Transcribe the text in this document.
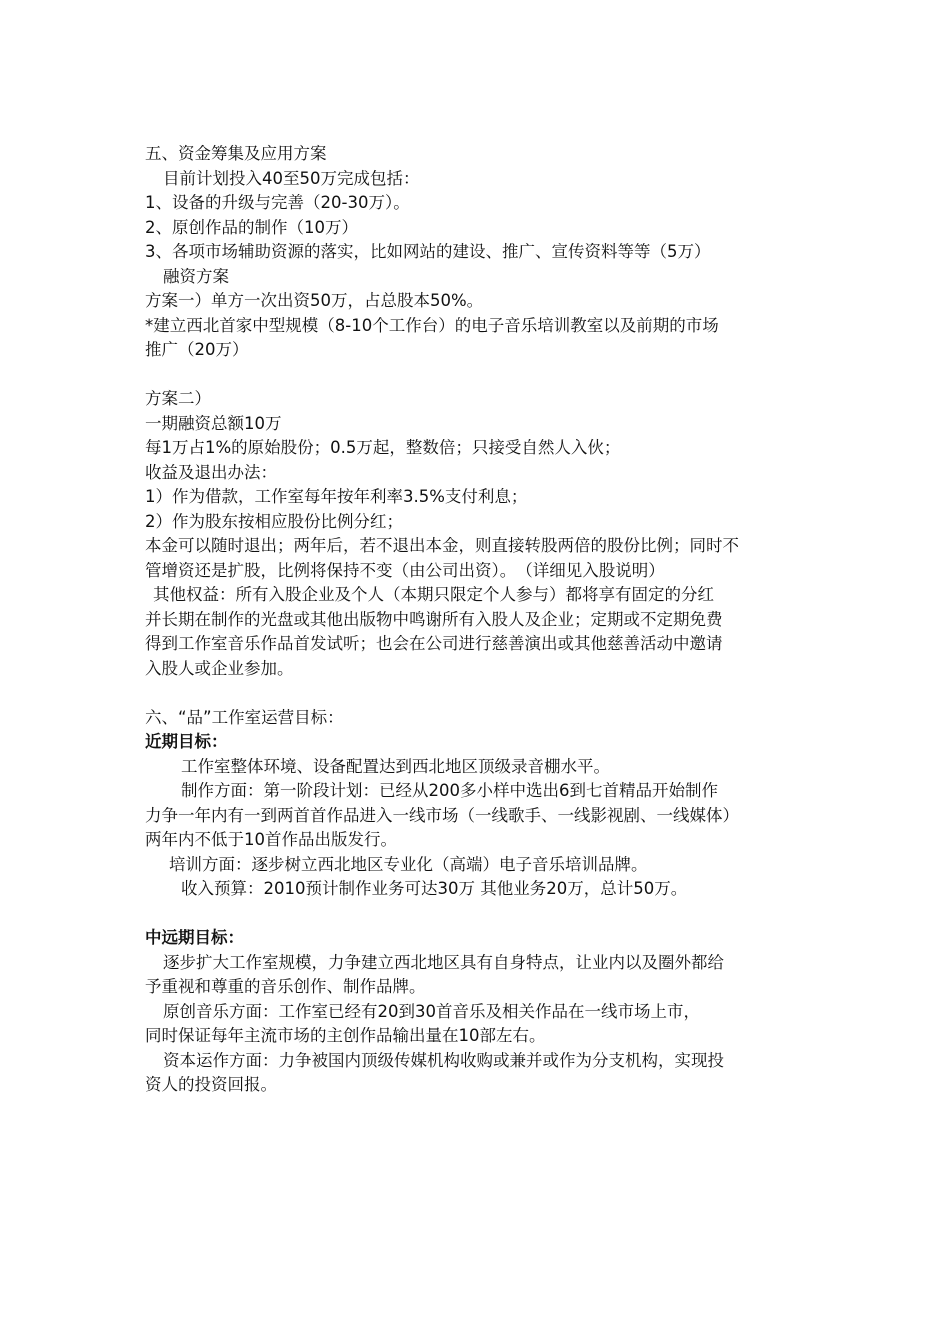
五、资金筹集及应用方案
目前计划投入40至50万完成包括：
1、设备的升级与完善（20-30万）。
2、原创作品的制作（10万）
3、各项市场辅助资源的落实，比如网站的建设、推广、宣传资料等等（5万）
融资方案
方案一）单方一次出资50万，占总股本50%。
*建立西北首家中型规模（8-10个工作台）的电子音乐培训教室以及前期的市场
推广（20万）
方案二）
一期融资总额10万
每1万占1%的原始股份；0.5万起，整数倍；只接受自然人入伙；
收益及退出办法：
1）作为借款，工作室每年按年利率3.5%支付利息；
2）作为股东按相应股份比例分红；
本金可以随时退出；两年后，若不退出本金，则直接转股两倍的股份比例；同时不
管增资还是扩股，比例将保持不变（由公司出资）。　（详细见入股说明）
其他权益：所有入股企业及个人（本期只限定个人参与）都将享有固定的分红
并长期在制作的光盘或其他出版物中鸣谢所有入股人及企业；定期或不定期免费
得到工作室音乐作品首发试听；也会在公司进行慈善演出或其他慈善活动中邀请
入股人或企业参加。
六、“品”工作室运营目标：
近期目标：
工作室整体环境、设备配置达到西北地区顶级录音棚水平。
制作方面：第一阶段计划：已经从200多小样中选出6到七首精品开始制作
力争一年内有一到两首首作品进入一线市场（一线歌手、一线影视剧、一线媒体）
两年内不低于10首作品出版发行。
培训方面：逐步树立西北地区专业化（高端）电子音乐培训品牌。
收入预算：2010预计制作业务可达30万 其他业务20万，总计50万。
中远期目标：
逐步扩大工作室规模，力争建立西北地区具有自身特点，让业内以及圈外都给
予重视和尊重的音乐创作、制作品牌。
原创音乐方面：工作室已经有20到30首音乐及相关作品在一线市场上市，
同时保证每年主流市场的主创作品输出量在10部左右。
资本运作方面：力争被国内顶级传媒机构收购或兼并或作为分支机构，实现投
资人的投资回报。
